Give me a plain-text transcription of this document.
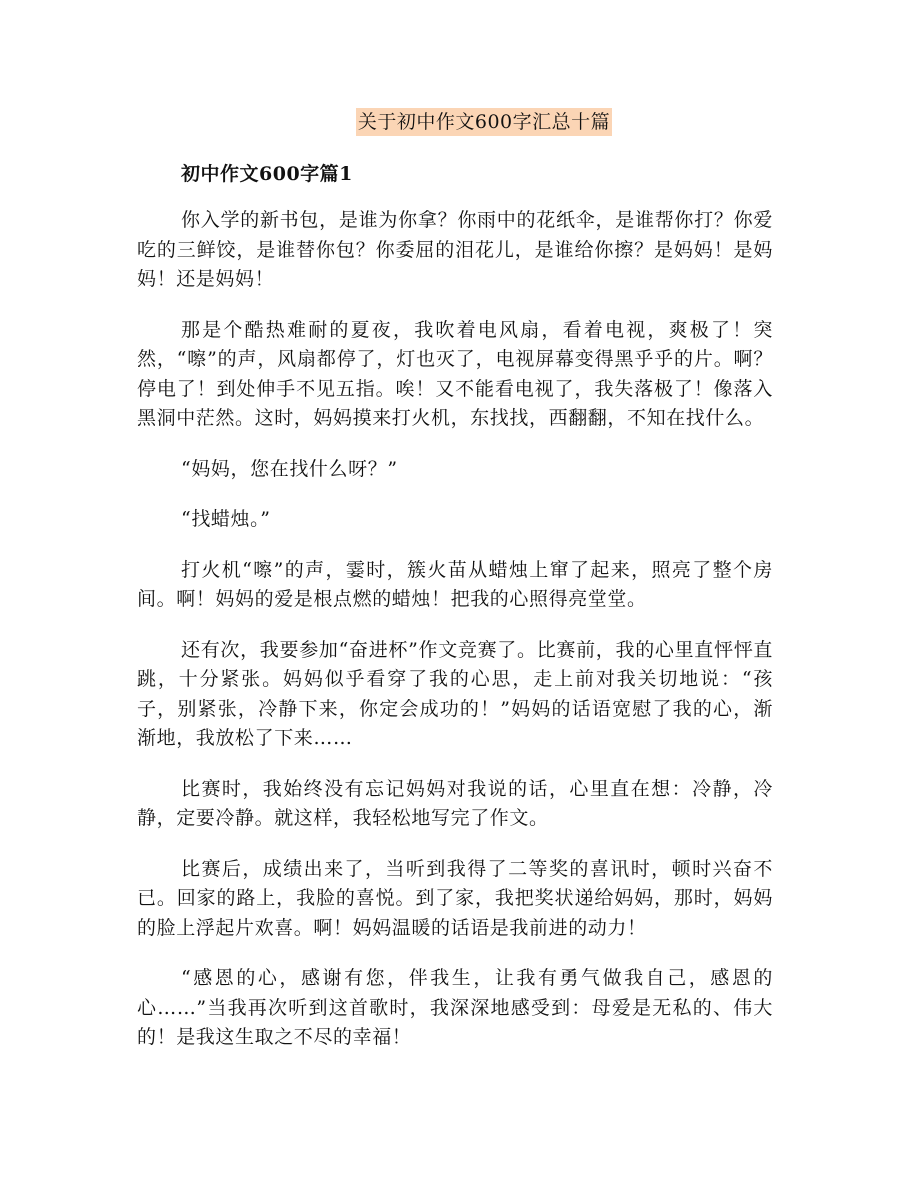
关于初中作文600字汇总十篇
初中作文600字篇1

你入学的新书包，是谁为你拿？你雨中的花纸伞，是谁帮你打？你爱吃的三鲜饺，是谁替你包？你委屈的泪花儿，是谁给你擦？是妈妈！是妈妈！还是妈妈！

那是个酷热难耐的夏夜，我吹着电风扇，看着电视，爽极了！突然，“嚓”的声，风扇都停了，灯也灭了，电视屏幕变得黑乎乎的片。啊？停电了！到处伸手不见五指。唉！又不能看电视了，我失落极了！像落入黑洞中茫然。这时，妈妈摸来打火机，东找找，西翻翻，不知在找什么。

“妈妈，您在找什么呀？”

“找蜡烛。”

打火机“嚓”的声，霎时，簇火苗从蜡烛上窜了起来，照亮了整个房间。啊！妈妈的爱是根点燃的蜡烛！把我的心照得亮堂堂。

还有次，我要参加“奋进杯”作文竞赛了。比赛前，我的心里直怦怦直跳，十分紧张。妈妈似乎看穿了我的心思，走上前对我关切地说：“孩子，别紧张，冷静下来，你定会成功的！”妈妈的话语宽慰了我的心，渐渐地，我放松了下来……

比赛时，我始终没有忘记妈妈对我说的话，心里直在想：冷静，冷静，定要冷静。就这样，我轻松地写完了作文。

比赛后，成绩出来了，当听到我得了二等奖的喜讯时，顿时兴奋不已。回家的路上，我脸的喜悦。到了家，我把奖状递给妈妈，那时，妈妈的脸上浮起片欢喜。啊！妈妈温暖的话语是我前进的动力！

“感恩的心，感谢有您，伴我生，让我有勇气做我自己，感恩的心……”当我再次听到这首歌时，我深深地感受到：母爱是无私的、伟大的！是我这生取之不尽的幸福！
